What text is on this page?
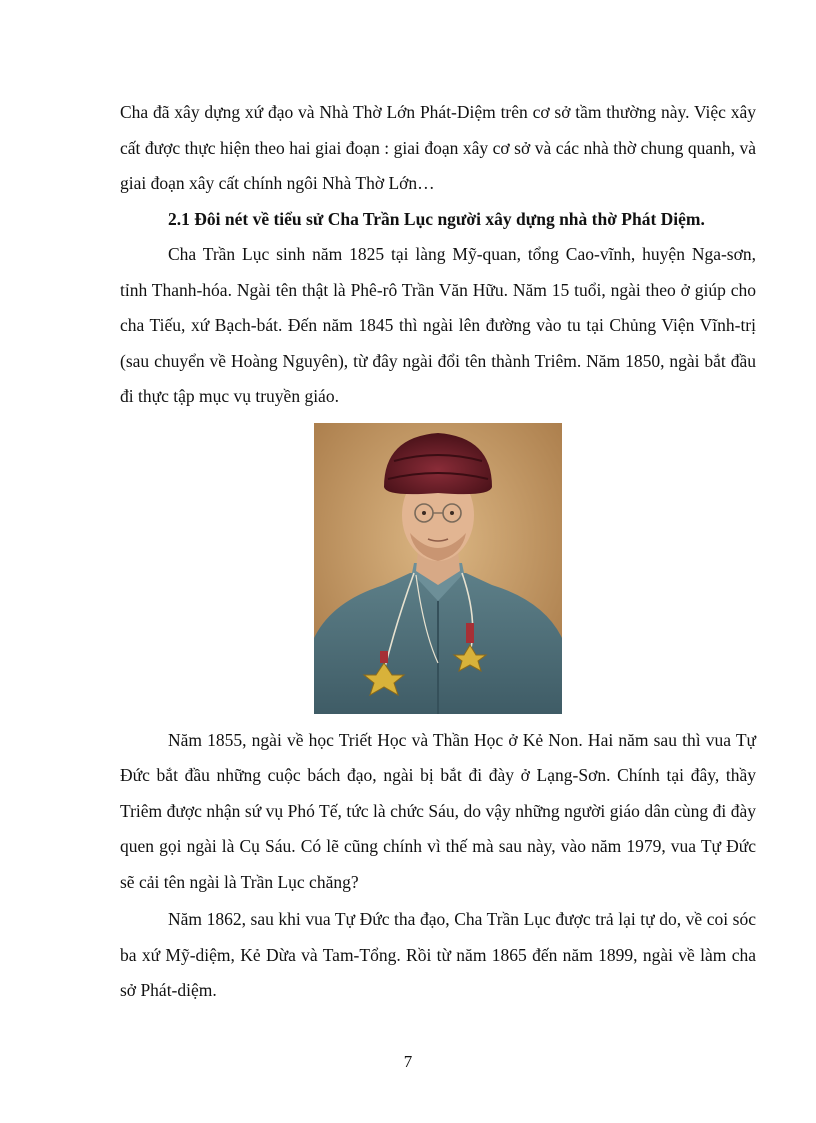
Cha đã xây dựng xứ đạo và Nhà Thờ Lớn Phát-Diệm trên cơ sở tầm thường này. Việc xây cất được thực hiện theo hai giai đoạn : giai đoạn xây cơ sở và các nhà thờ chung quanh, và giai đoạn xây cất chính ngôi Nhà Thờ Lớn…

2.1 Đôi nét về tiểu sử Cha Trần Lục người xây dựng nhà thờ Phát Diệm.

Cha Trần Lục sinh năm 1825 tại làng Mỹ-quan, tổng Cao-vĩnh, huyện Nga-sơn, tỉnh Thanh-hóa. Ngài tên thật là Phê-rô Trần Văn Hữu. Năm 15 tuổi, ngài theo ở giúp cho cha Tiếu, xứ Bạch-bát. Đến năm 1845 thì ngài lên đường vào tu tại Chủng Viện Vĩnh-trị (sau chuyển về Hoàng Nguyên), từ đây ngài đổi tên thành Triêm. Năm 1850, ngài bắt đầu đi thực tập mục vụ truyền giáo.

Năm 1855, ngài về học Triết Học và Thần Học ở Kẻ Non. Hai năm sau thì vua Tự Đức bắt đầu những cuộc bách đạo, ngài bị bắt đi đày ở Lạng-Sơn. Chính tại đây, thầy Triêm được nhận sứ vụ Phó Tế, tức là chức Sáu, do vậy những người giáo dân cùng đi đày quen gọi ngài là Cụ Sáu. Có lẽ cũng chính vì thế mà sau này, vào năm 1979, vua Tự Đức sẽ cải tên ngài là Trần Lục chăng?

Năm 1862, sau khi vua Tự Đức tha đạo, Cha Trần Lục được trả lại tự do, về coi sóc ba xứ Mỹ-diệm, Kẻ Dừa và Tam-Tổng. Rồi từ năm 1865 đến năm 1899, ngài về làm cha sở Phát-diệm.

7
